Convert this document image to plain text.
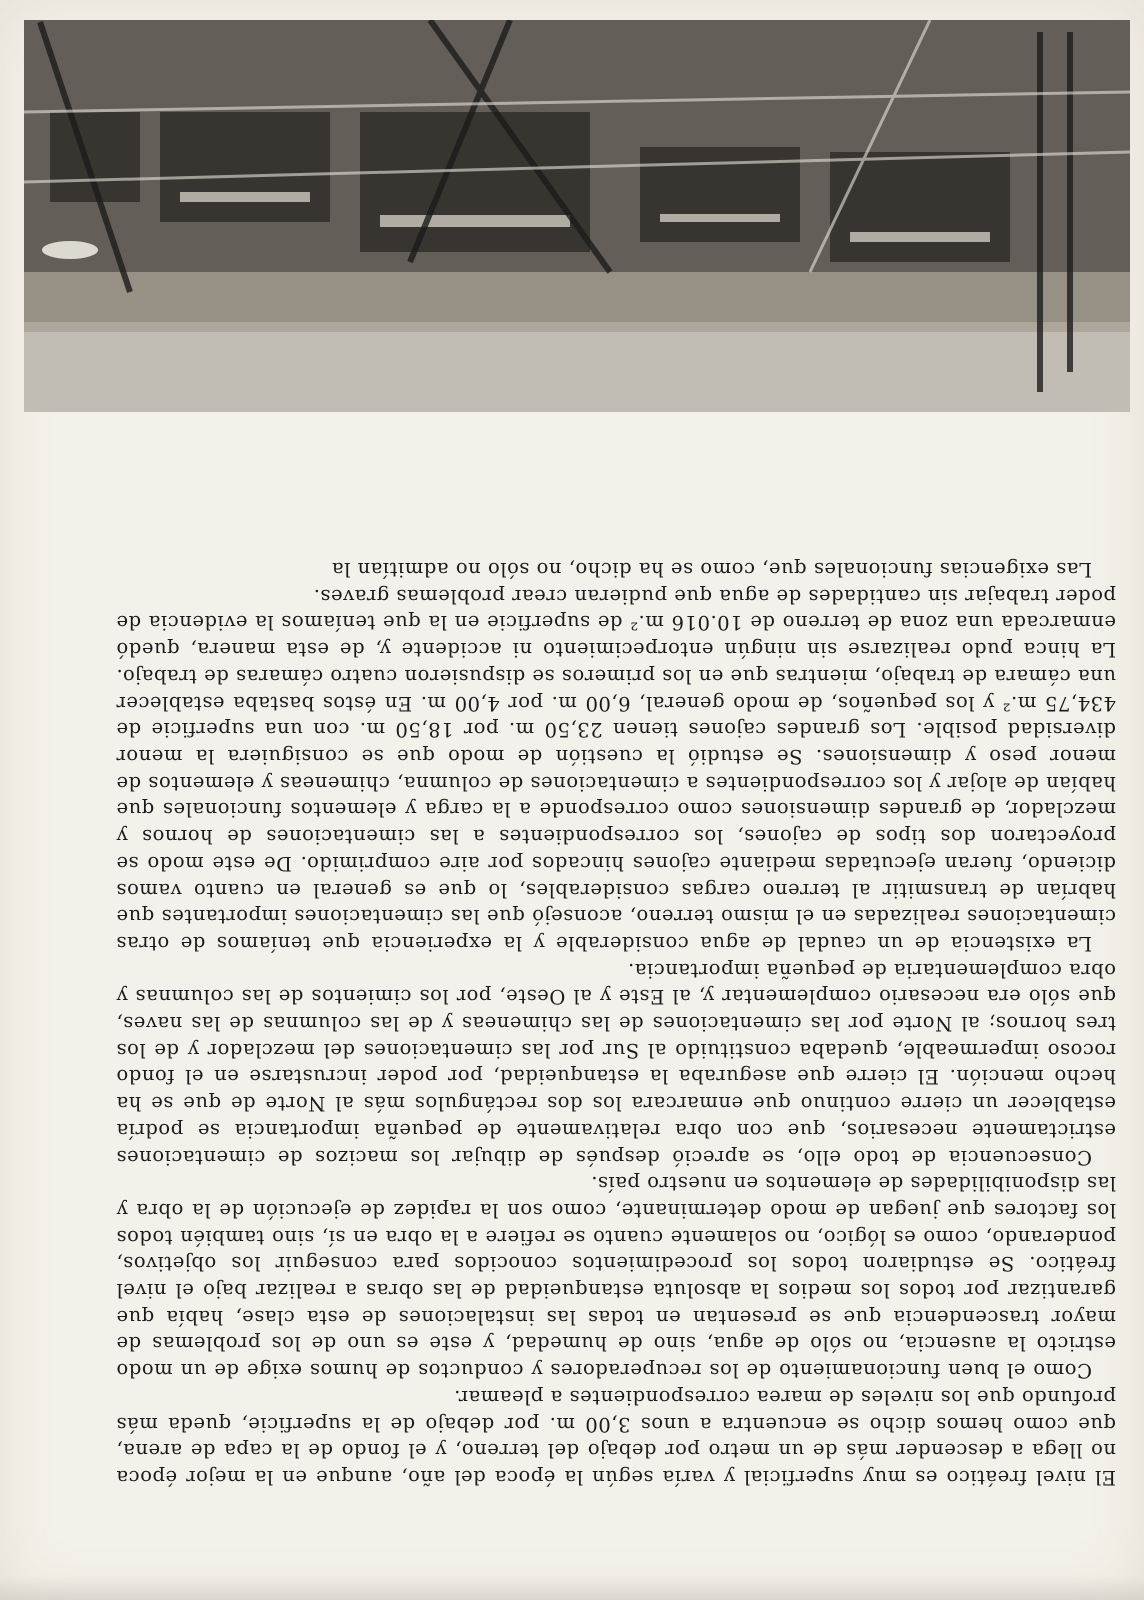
El nivel freático es muy superficial y varía según la época del año, aunque en la mejor época no llega a descender más de un metro por debajo del terreno, y el fondo de la capa de arena, que como hemos dicho se encuentra a unos 3,00 m. por debajo de la superficie, queda más profundo que los niveles de marea correspondientes a pleamar.

Como el buen funcionamiento de los recuperadores y conductos de humos exige de un modo estricto la ausencia, no sólo de agua, sino de humedad, y este es uno de los problemas de mayor trascendencia que se presentan en todas las instalaciones de esta clase, había que garantizar por todos los medios la absoluta estanqueidad de las obras a realizar bajo el nivel freático. Se estudiaron todos los procedimientos conocidos para conseguir los objetivos, ponderando, como es lógico, no solamente cuanto se refiere a la obra en sí, sino también todos los factores que juegan de modo determinante, como son la rapidez de ejecución de la obra y las disponibilidades de elementos en nuestro país.

Consecuencia de todo ello, se apreció después de dibujar los macizos de cimentaciones estrictamente necesarios, que con obra relativamente de pequeña importancia se podría establecer un cierre continuo que enmarcara los dos rectángulos más al Norte de que se ha hecho mención. El cierre que aseguraba la estanqueidad, por poder incrustarse en el fondo rocoso impermeable, quedaba constituido al Sur por las cimentaciones del mezclador y de los tres hornos; al Norte por las cimentaciones de las chimeneas y de las columnas de las naves, que sólo era necesario complementar y, al Este y al Oeste, por los cimientos de las columnas y obra complementaria de pequeña importancia.

La existencia de un caudal de agua considerable y la experiencia que teníamos de otras cimentaciones realizadas en el mismo terreno, aconsejó que las cimentaciones importantes que habrían de transmitir al terreno cargas considerables, lo que es general en cuanto vamos diciendo, fueran ejecutadas mediante cajones hincados por aire comprimido. De este modo se proyectaron dos tipos de cajones, los correspondientes a las cimentaciones de hornos y mezclador, de grandes dimensiones como corresponde a la carga y elementos funcionales que habían de alojar y los correspondientes a cimentaciones de columna, chimeneas y elementos de menor peso y dimensiones. Se estudió la cuestión de modo que se consiguiera la menor diversidad posible. Los grandes cajones tienen 23,50 m. por 18,50 m. con una superficie de 434,75 m.² y los pequeños, de modo general, 6,00 m. por 4,00 m. En éstos bastaba establecer una cámara de trabajo, mientras que en los primeros se dispusieron cuatro cámaras de trabajo. La hinca pudo realizarse sin ningún entorpecimiento ni accidente y, de esta manera, quedó enmarcada una zona de terreno de 10.016 m.² de superficie en la que teníamos la evidencia de poder trabajar sin cantidades de agua que pudieran crear problemas graves.

Las exigencias funcionales que, como se ha dicho, no sólo no admitían la
